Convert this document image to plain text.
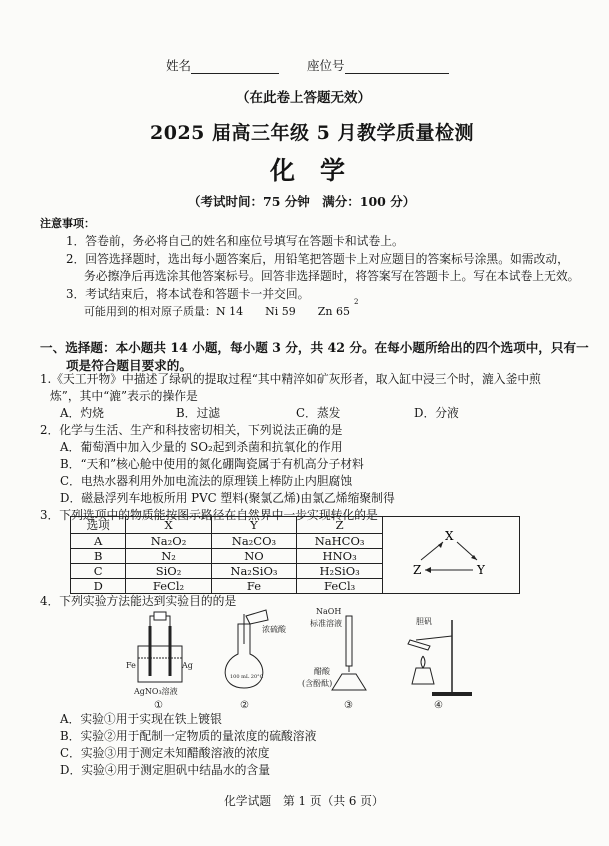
姓名	座位号
（在此卷上答题无效）
2025 届高三年级 5 月教学质量检测
化　学
（考试时间：75 分钟　满分：100 分）
注意事项：
1．答卷前，务必将自己的姓名和座位号填写在答题卡和试卷上。
2．回答选择题时，选出每小题答案后，用铅笔把答题卡上对应题目的答案标号涂黑。如需改动，
务必擦净后再选涂其他答案标号。回答非选择题时，将答案写在答题卡上。写在本试卷上无效。
3．考试结束后，将本试卷和答题卡一并交回。
可能用到的相对原子质量：N 14　　Ni 59　　Zn 65
2
一、选择题：本小题共 14 小题，每小题 3 分，共 42 分。在每小题所给出的四个选项中，只有一
项是符合题目要求的。
1.《天工开物》中描述了绿矾的提取过程“其中精淬如矿灰形者，取入缸中浸三个时，漉入釜中煎
炼”，其中“漉”表示的操作是
A．灼烧	B．过滤	C．蒸发	D．分液
2．化学与生活、生产和科技密切相关，下列说法正确的是
A．葡萄酒中加入少量的 SO₂起到杀菌和抗氧化的作用
B．“天和”核心舱中使用的氮化硼陶瓷属于有机高分子材料
C．电热水器利用外加电流法的原理镁上棒防止内胆腐蚀
D．磁悬浮列车地板所用 PVC 塑料(聚氯乙烯)由氯乙烯缩聚制得
3．下列选项中的物质能按图示路径在自然界中一步实现转化的是
选项	X	Y	Z	X
Z Y

A	Na₂O₂	Na₂CO₃	NaHCO₃	
B	N₂	NO	HNO₃	
C	SiO₂	Na₂SiO₃	H₂SiO₃	
D	FeCl₂	Fe	FeCl₃	
4．下列实验方法能达到实验目的的是
Fe	Ag
AgNO₃溶液
①
浓硫酸
100 mL 20°C
②
NaOH
标准溶液
醋酸
(含酚酞)
③
胆矾
④
A．实验①用于实现在铁上镀银
B．实验②用于配制一定物质的量浓度的硫酸溶液
C．实验③用于测定未知醋酸溶液的浓度
D．实验④用于测定胆矾中结晶水的含量
化学试题　第 1 页（共 6 页）
